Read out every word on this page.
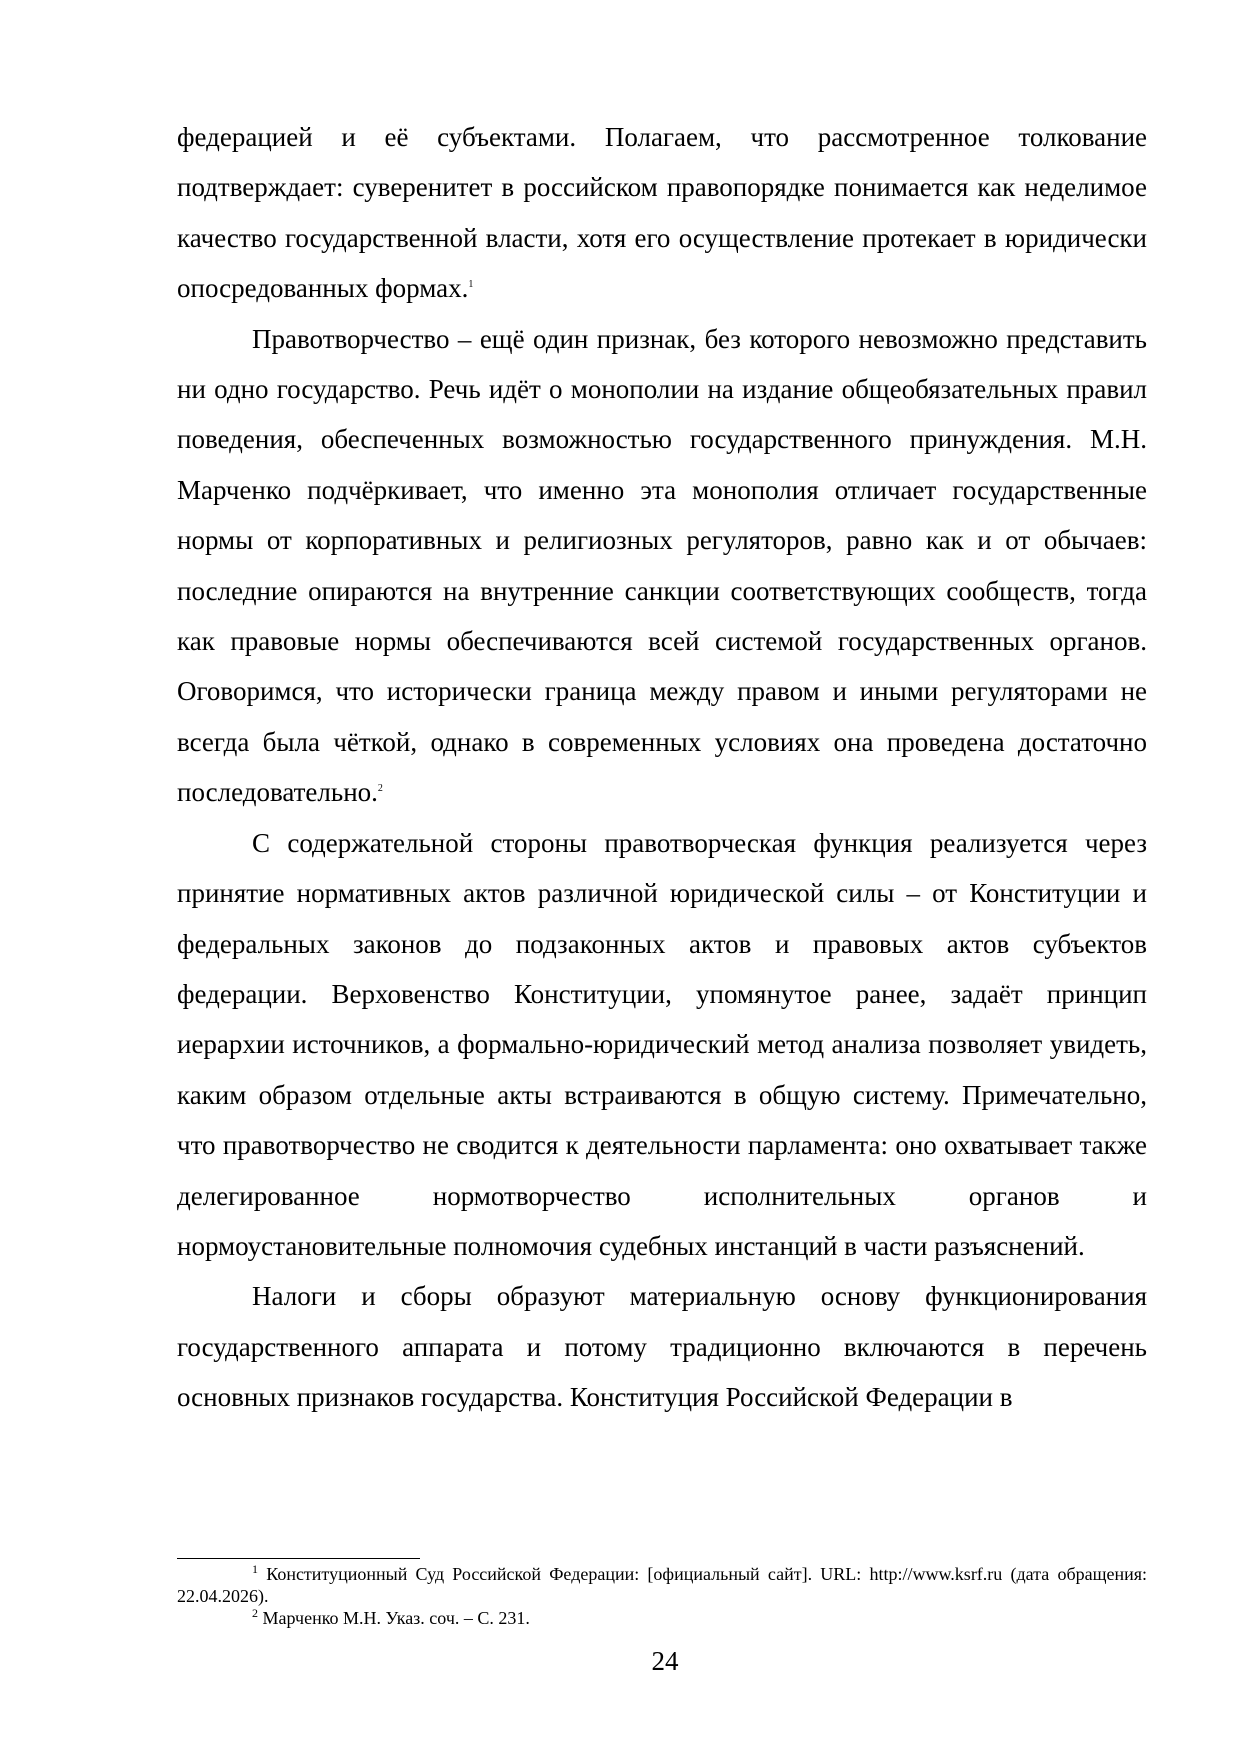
федерацией и её субъектами. Полагаем, что рассмотренное толкование подтверждает: суверенитет в российском правопорядке понимается как неделимое качество государственной власти, хотя его осуществление протекает в юридически опосредованных формах.$^1$

Правотворчество – ещё один признак, без которого невозможно представить ни одно государство. Речь идёт о монополии на издание общеобязательных правил поведения, обеспеченных возможностью государственного принуждения. М.Н. Марченко подчёркивает, что именно эта монополия отличает государственные нормы от корпоративных и религиозных регуляторов, равно как и от обычаев: последние опираются на внутренние санкции соответствующих сообществ, тогда как правовые нормы обеспечиваются всей системой государственных органов. Оговоримся, что исторически граница между правом и иными регуляторами не всегда была чёткой, однако в современных условиях она проведена достаточно последовательно.$^2$

С содержательной стороны правотворческая функция реализуется через принятие нормативных актов различной юридической силы – от Конституции и федеральных законов до подзаконных актов и правовых актов субъектов федерации. Верховенство Конституции, упомянутое ранее, задаёт принцип иерархии источников, а формально-юридический метод анализа позволяет увидеть, каким образом отдельные акты встраиваются в общую систему. Примечательно, что правотворчество не сводится к деятельности парламента: оно охватывает также делегированное нормотворчество исполнительных органов и нормоустановительные полномочия судебных инстанций в части разъяснений.

Налоги и сборы образуют материальную основу функционирования государственного аппарата и потому традиционно включаются в перечень основных признаков государства. Конституция Российской Федерации в

$^1$ Конституционный Суд Российской Федерации: [официальный сайт]. URL: http://www.ksrf.ru (дата обращения: 22.04.2026).

$^2$ Марченко М.Н. Указ. соч. – С. 231.

24
